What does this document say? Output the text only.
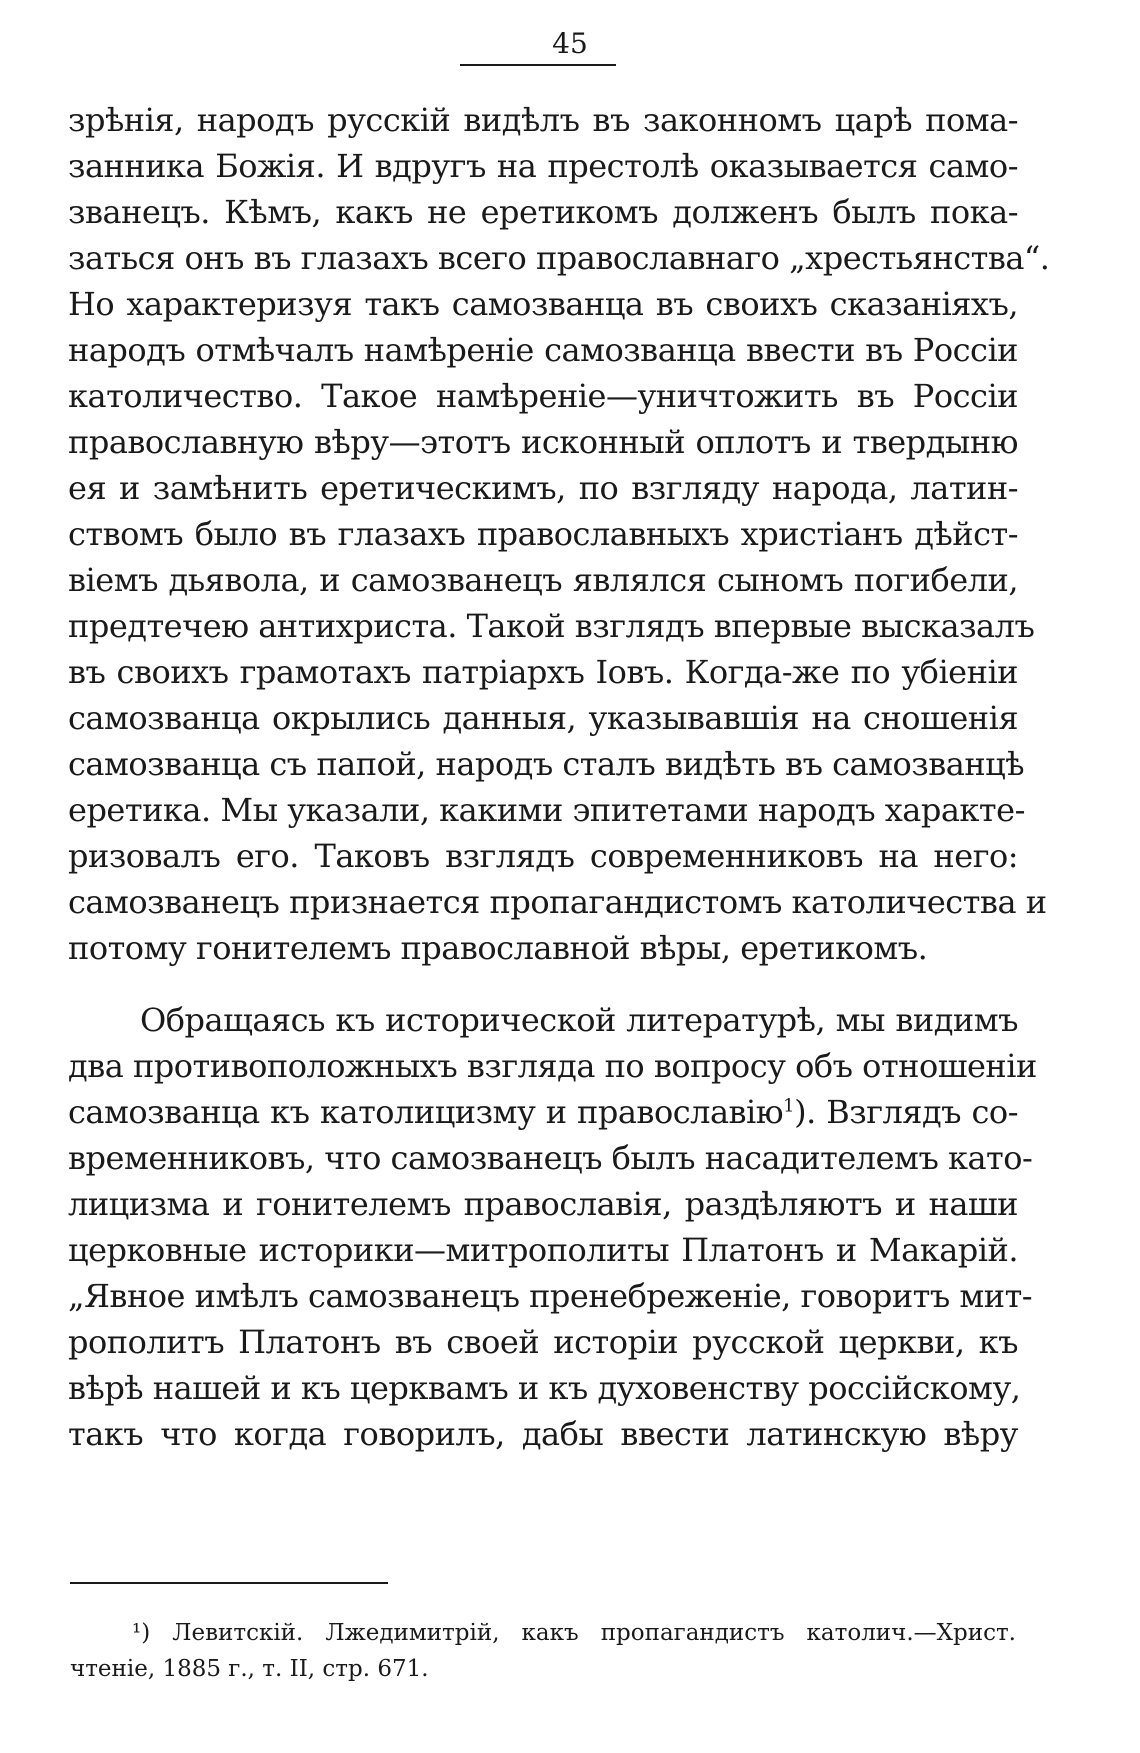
45
зрѣнія, народъ русскій видѣлъ въ законномъ царѣ пома-
занника Божія. И вдругъ на престолѣ оказывается само-
званецъ. Кѣмъ, какъ не еретикомъ долженъ былъ пока-
заться онъ въ глазахъ всего православнаго „хрестьянства“.
Но характеризуя такъ самозванца въ своихъ сказаніяхъ,
народъ отмѣчалъ намѣреніе самозванца ввести въ Россіи
католичество. Такое намѣреніе—уничтожить въ Россіи
православную вѣру—этотъ исконный оплотъ и твердыню
ея и замѣнить еретическимъ, по взгляду народа, латин-
ствомъ было въ глазахъ православныхъ христіанъ дѣйст-
віемъ дьявола, и самозванецъ являлся сыномъ погибели,
предтечею антихриста. Такой взглядъ впервые высказалъ
въ своихъ грамотахъ патріархъ Іовъ. Когда-же по убіеніи
самозванца окрылись данныя, указывавшія на сношенія
самозванца съ папой, народъ сталъ видѣть въ самозванцѣ
еретика. Мы указали, какими эпитетами народъ характе-
ризовалъ его. Таковъ взглядъ современниковъ на него:
самозванецъ признается пропагандистомъ католичества и
потому гонителемъ православной вѣры, еретикомъ.
Обращаясь къ исторической литературѣ, мы видимъ
два противоположныхъ взгляда по вопросу объ отношеніи
самозванца къ католицизму и православію$^1$). Взглядъ со-
временниковъ, что самозванецъ былъ насадителемъ като-
лицизма и гонителемъ православія, раздѣляютъ и наши
церковные историки—митрополиты Платонъ и Макарій.
„Явное имѣлъ самозванецъ пренебреженіе, говоритъ мит-
рополитъ Платонъ въ своей исторіи русской церкви, къ
вѣрѣ нашей и къ церквамъ и къ духовенству россійскому,
такъ что когда говорилъ, дабы ввести латинскую вѣру
¹) Левитскій. Лжедимитрій, какъ пропагандистъ католич.—Христ.
чтеніе, 1885 г., т. II, стр. 671.
